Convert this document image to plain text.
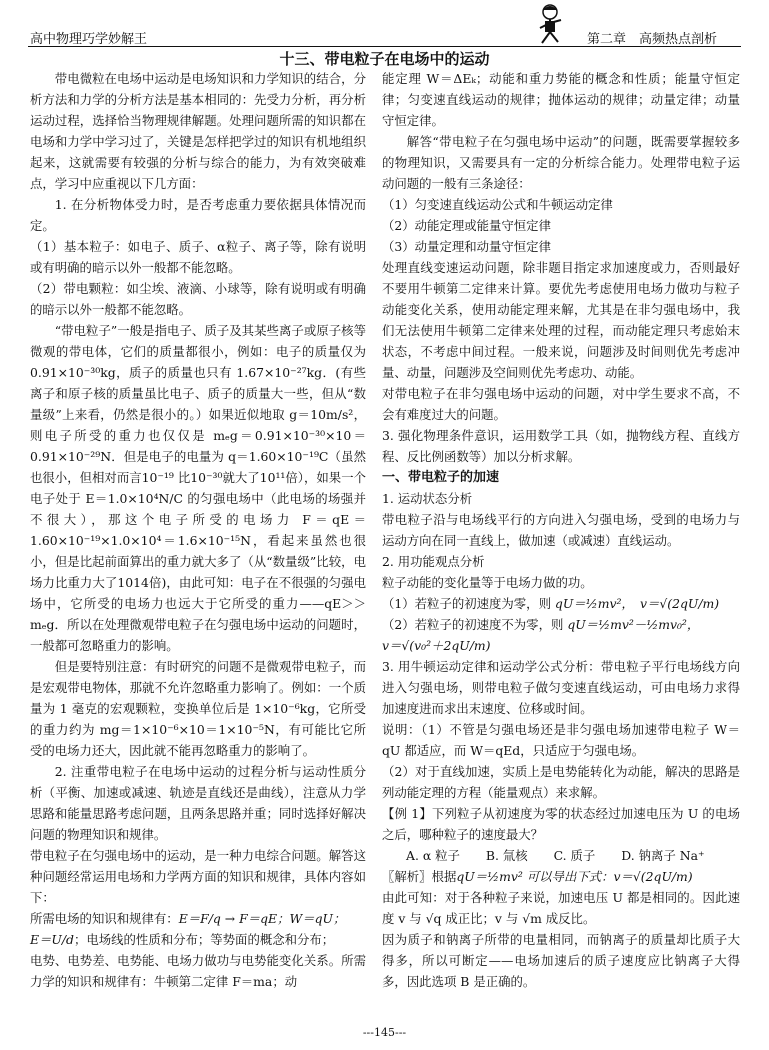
高中物理巧学妙解王	第二章　高频热点剖析
十三、带电粒子在电场中的运动

带电微粒在电场中运动是电场知识和力学知识的结合，分析方法和力学的分析方法是基本相同的：先受力分析，再分析运动过程，选择恰当物理规律解题。处理问题所需的知识都在电场和力学中学习过了，关键是怎样把学过的知识有机地组织起来，这就需要有较强的分析与综合的能力，为有效突破难点，学习中应重视以下几方面：

1. 在分析物体受力时，是否考虑重力要依据具体情况而定。

（1）基本粒子：如电子、质子、α粒子、离子等，除有说明或有明确的暗示以外一般都不能忽略。

（2）带电颗粒：如尘埃、液滴、小球等，除有说明或有明确的暗示以外一般都不能忽略。

“带电粒子”一般是指电子、质子及其某些离子或原子核等微观的带电体，它们的质量都很小，例如：电子的质量仅为 0.91×10⁻³⁰kg，质子的质量也只有 1.67×10⁻²⁷kg．(有些离子和原子核的质量虽比电子、质子的质量大一些，但从“数量级”上来看，仍然是很小的。）如果近似地取 g＝10m/s²，则电子所受的重力也仅仅是 mₑg＝0.91×10⁻³⁰×10＝0.91×10⁻²⁹N．但是电子的电量为 q＝1.60×10⁻¹⁹C（虽然也很小，但相对而言10⁻¹⁹ 比10⁻³⁰就大了10¹¹倍），如果一个电子处于 E＝1.0×10⁴N/C 的匀强电场中（此电场的场强并不很大），那这个电子所受的电场力 F＝qE＝1.60×10⁻¹⁹×1.0×10⁴＝1.6×10⁻¹⁵N，看起来虽然也很小，但是比起前面算出的重力就大多了（从“数量级”比较，电场力比重力大了1014倍)，由此可知：电子在不很强的匀强电场中，它所受的电场力也远大于它所受的重力——qE＞＞mₑg．所以在处理微观带电粒子在匀强电场中运动的问题时，一般都可忽略重力的影响。

但是要特别注意：有时研究的问题不是微观带电粒子，而是宏观带电物体，那就不允许忽略重力影响了。例如：一个质量为 1 毫克的宏观颗粒，变换单位后是 1×10⁻⁶kg，它所受的重力约为 mg＝1×10⁻⁶×10＝1×10⁻⁵N，有可能比它所受的电场力还大，因此就不能再忽略重力的影响了。

2. 注重带电粒子在电场中运动的过程分析与运动性质分析（平衡、加速或减速、轨迹是直线还是曲线），注意从力学思路和能量思路考虑问题，且两条思路并重；同时选择好解决问题的物理知识和规律。

带电粒子在匀强电场中的运动，是一种力电综合问题。解答这种问题经常运用电场和力学两方面的知识和规律，具体内容如下：

所需电场的知识和规律有：E＝F/q → F＝qE；W＝qU；

E＝U/d；电场线的性质和分布；等势面的概念和分布；

电势、电势差、电势能、电场力做功与电势能变化关系。所需力学的知识和规律有：牛顿第二定律 F＝ma；动

能定理 W＝ΔEₖ；动能和重力势能的概念和性质；能量守恒定律；匀变速直线运动的规律；抛体运动的规律；动量定律；动量守恒定律。

解答“带电粒子在匀强电场中运动”的问题，既需要掌握较多的物理知识，又需要具有一定的分析综合能力。处理带电粒子运动问题的一般有三条途径：

（1）匀变速直线运动公式和牛顿运动定律

（2）动能定理或能量守恒定律

（3）动量定理和动量守恒定律

处理直线变速运动问题，除非题目指定求加速度或力，否则最好不要用牛顿第二定律来计算。要优先考虑使用电场力做功与粒子动能变化关系，使用动能定理来解，尤其是在非匀强电场中，我们无法使用牛顿第二定律来处理的过程，而动能定理只考虑始末状态，不考虑中间过程。一般来说，问题涉及时间则优先考虑冲量、动量，问题涉及空间则优先考虑功、动能。

对带电粒子在非匀强电场中运动的问题，对中学生要求不高，不会有难度过大的问题。

3. 强化物理条件意识，运用数学工具（如，抛物线方程、直线方程、反比例函数等）加以分析求解。

一、带电粒子的加速

1. 运动状态分析

带电粒子沿与电场线平行的方向进入匀强电场，受到的电场力与运动方向在同一直线上，做加速（或减速）直线运动。

2. 用功能观点分析

粒子动能的变化量等于电场力做的功。

（1）若粒子的初速度为零，则 qU＝½mv²，　v＝√(2qU/m)

（2）若粒子的初速度不为零，则 qU＝½mv²－½mv₀²，

v＝√(v₀²＋2qU/m)

3. 用牛顿运动定律和运动学公式分析：带电粒子平行电场线方向进入匀强电场，则带电粒子做匀变速直线运动，可由电场力求得加速度进而求出末速度、位移或时间。

说明：（1）不管是匀强电场还是非匀强电场加速带电粒子 W＝qU 都适应，而 W＝qEd，只适应于匀强电场。

（2）对于直线加速，实质上是电势能转化为动能，解决的思路是列动能定理的方程（能量观点）来求解。

【例 1】下列粒子从初速度为零的状态经过加速电压为 U 的电场之后，哪种粒子的速度最大？

A. α 粒子 B. 氚核 C. 质子 D. 钠离子 Na⁺

〖解析〗根据qU＝½mv² 可以导出下式：v＝√(2qU/m)

由此可知：对于各种粒子来说，加速电压 U 都是相同的。因此速度 v 与 √q 成正比；v 与 √m 成反比。

因为质子和钠离子所带的电量相同，而钠离子的质量却比质子大得多，所以可断定——电场加速后的质子速度应比钠离子大得多，因此选项 B 是正确的。

---145---
